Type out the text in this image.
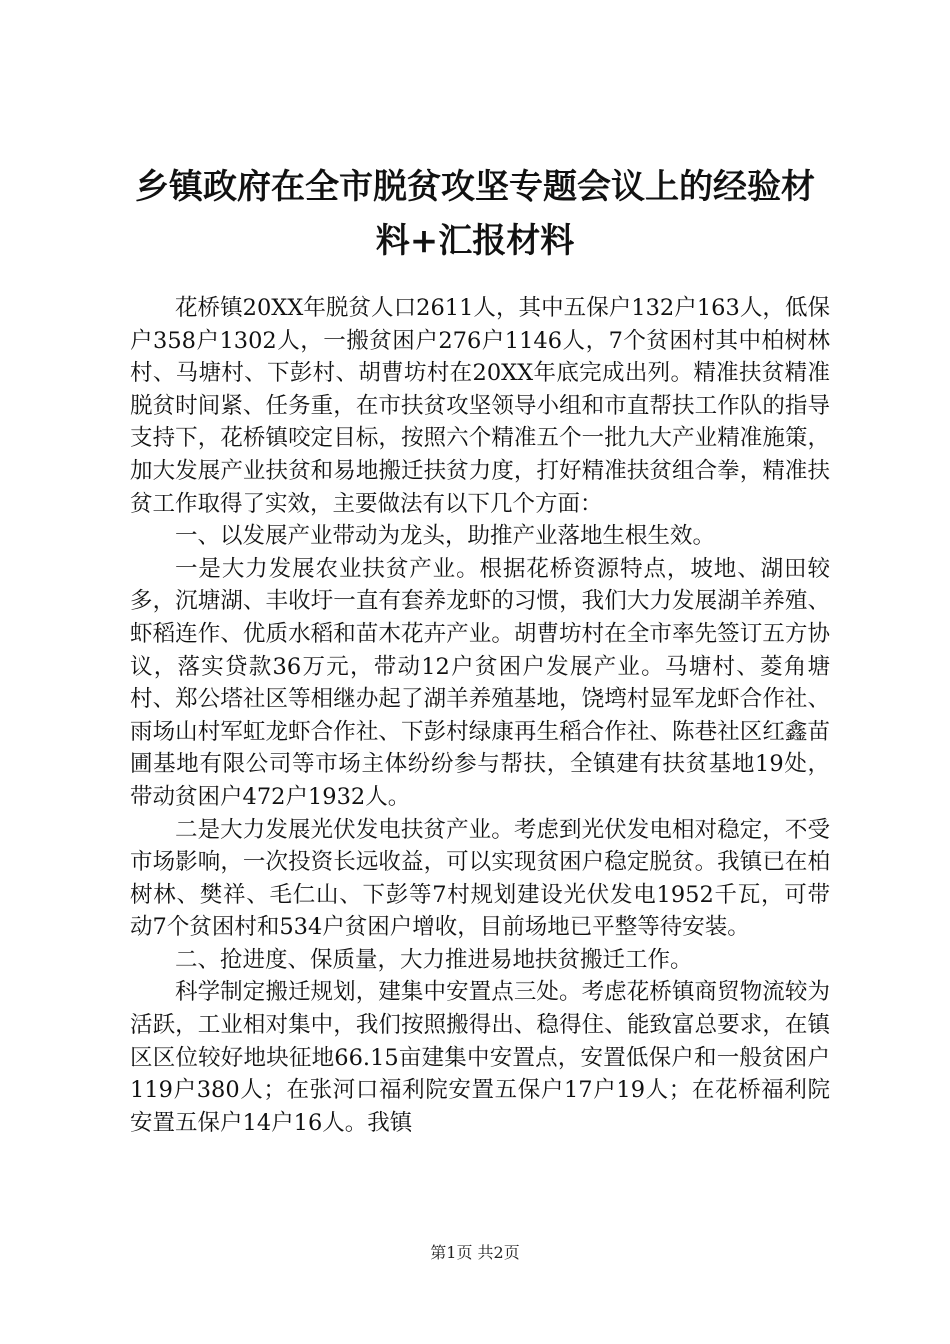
乡镇政府在全市脱贫攻坚专题会议上的经验材
料+汇报材料

花桥镇20XX年脱贫人口2611人，其中五保户132户163人，低保户358户1302人，一搬贫困户276户1146人，7个贫困村其中柏树林村、马塘村、下彭村、胡曹坊村在20XX年底完成出列。精准扶贫精准脱贫时间紧、任务重，在市扶贫攻坚领导小组和市直帮扶工作队的指导支持下，花桥镇咬定目标，按照六个精准五个一批九大产业精准施策，加大发展产业扶贫和易地搬迁扶贫力度，打好精准扶贫组合拳，精准扶贫工作取得了实效，主要做法有以下几个方面：

一、以发展产业带动为龙头，助推产业落地生根生效。

一是大力发展农业扶贫产业。根据花桥资源特点，坡地、湖田较多，沉塘湖、丰收圩一直有套养龙虾的习惯，我们大力发展湖羊养殖、虾稻连作、优质水稻和苗木花卉产业。胡曹坊村在全市率先签订五方协议，落实贷款36万元，带动12户贫困户发展产业。马塘村、菱角塘村、郑公塔社区等相继办起了湖羊养殖基地，饶塆村显军龙虾合作社、雨场山村军虹龙虾合作社、下彭村绿康再生稻合作社、陈巷社区红鑫苗圃基地有限公司等市场主体纷纷参与帮扶，全镇建有扶贫基地19处，带动贫困户472户1932人。

二是大力发展光伏发电扶贫产业。考虑到光伏发电相对稳定，不受市场影响，一次投资长远收益，可以实现贫困户稳定脱贫。我镇已在柏树林、樊祥、毛仁山、下彭等7村规划建设光伏发电1952千瓦，可带动7个贫困村和534户贫困户增收，目前场地已平整等待安装。

二、抢进度、保质量，大力推进易地扶贫搬迁工作。

科学制定搬迁规划，建集中安置点三处。考虑花桥镇商贸物流较为活跃，工业相对集中，我们按照搬得出、稳得住、能致富总要求，在镇区区位较好地块征地66.15亩建集中安置点，安置低保户和一般贫困户119户380人；在张河口福利院安置五保户17户19人；在花桥福利院安置五保户14户16人。我镇

第1页 共2页
